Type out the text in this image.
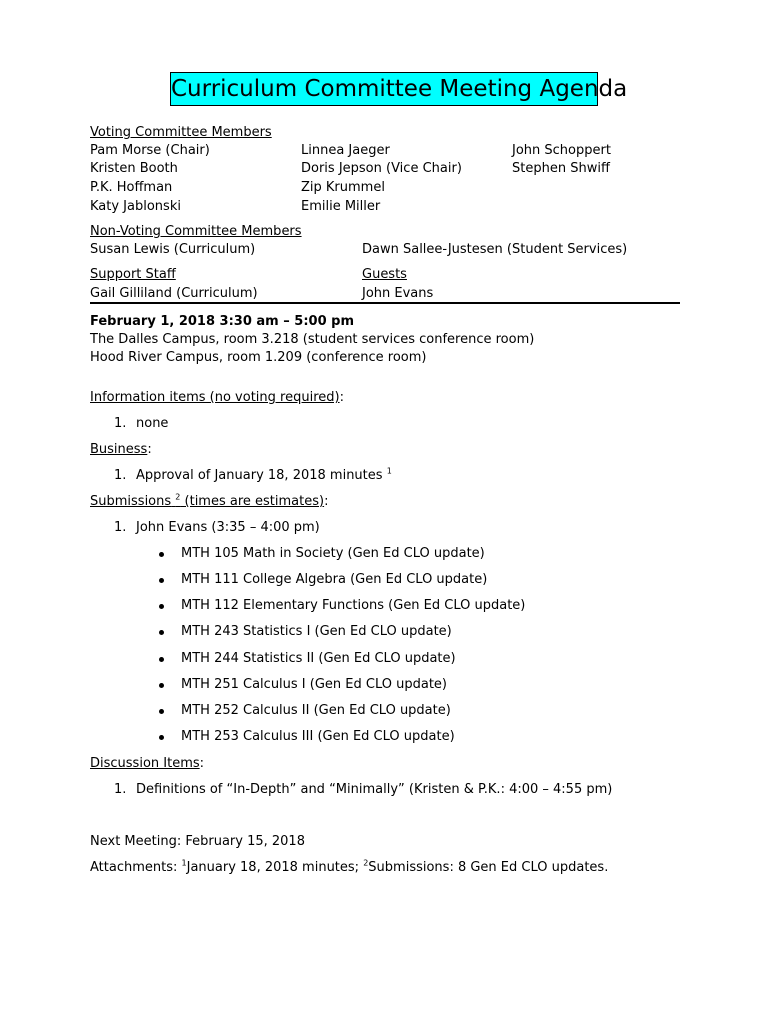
Curriculum Committee Meeting Agenda
Voting Committee Members
Pam Morse (Chair)
Kristen Booth
P.K. Hoffman
Katy Jablonski
Linnea Jaeger
Doris Jepson (Vice Chair)
Zip Krummel
Emilie Miller
John Schoppert
Stephen Shwiff
Non-Voting Committee Members
Susan Lewis (Curriculum)	Dawn Sallee-Justesen (Student Services)
Support Staff
Gail Gilliland (Curriculum)
Guests
John Evans
February 1, 2018 3:30 am – 5:00 pm
The Dalles Campus, room 3.218 (student services conference room)
Hood River Campus, room 1.209 (conference room)
Information items (no voting required):
1. none
Business:
1. Approval of January 18, 2018 minutes $^1$
Submissions $^2$ (times are estimates):
1. John Evans (3:35 – 4:00 pm)
MTH 105 Math in Society (Gen Ed CLO update)
MTH 111 College Algebra (Gen Ed CLO update)
MTH 112 Elementary Functions (Gen Ed CLO update)
MTH 243 Statistics I (Gen Ed CLO update)
MTH 244 Statistics II (Gen Ed CLO update)
MTH 251 Calculus I (Gen Ed CLO update)
MTH 252 Calculus II (Gen Ed CLO update)
MTH 253 Calculus III (Gen Ed CLO update)
Discussion Items:
1. Definitions of “In-Depth” and “Minimally” (Kristen & P.K.: 4:00 – 4:55 pm)
Next Meeting: February 15, 2018
Attachments: $^1$January 18, 2018 minutes; $^2$Submissions: 8 Gen Ed CLO updates.
